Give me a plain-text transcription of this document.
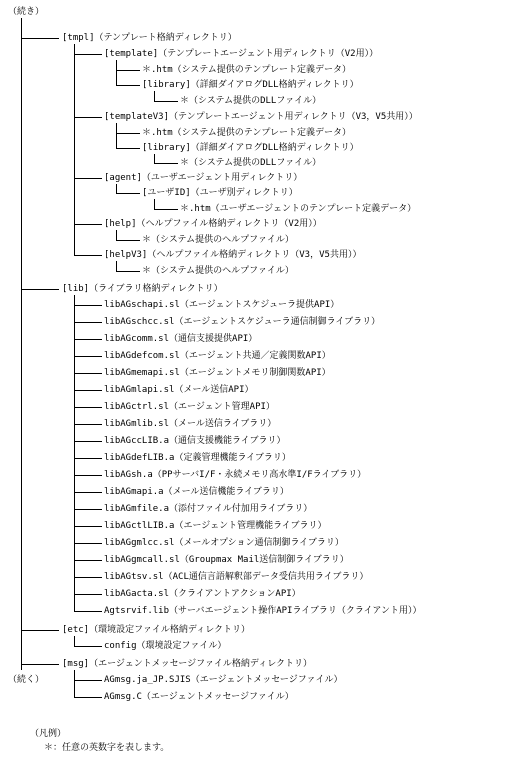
（続き）
[tmpl]（テンプレート格納ディレクトリ）
[template]（テンプレートエージェント用ディレクトリ（V2用））
＊.htm（システム提供のテンプレート定義データ）
[library]（詳細ダイアログDLL格納ディレクトリ）
＊（システム提供のDLLファイル）
[templateV3]（テンプレートエージェント用ディレクトリ（V3，V5共用））
＊.htm（システム提供のテンプレート定義データ）
[library]（詳細ダイアログDLL格納ディレクトリ）
＊（システム提供のDLLファイル）
[agent]（ユーザエージェント用ディレクトリ）
[ユーザID]（ユーザ別ディレクトリ）
＊.htm（ユーザエージェントのテンプレート定義データ）
[help]（ヘルプファイル格納ディレクトリ（V2用））
＊（システム提供のヘルプファイル）
[helpV3]（ヘルプファイル格納ディレクトリ（V3，V5共用））
＊（システム提供のヘルプファイル）
[lib]（ライブラリ格納ディレクトリ）
libAGschapi.sl（エージェントスケジューラ提供API）
libAGschcc.sl（エージェントスケジューラ通信制御ライブラリ）
libAGcomm.sl（通信支援提供API）
libAGdefcom.sl（エージェント共通／定義関数API）
libAGmemapi.sl（エージェントメモリ制御関数API）
libAGmlapi.sl（メール送信API）
libAGctrl.sl（エージェント管理API）
libAGmlib.sl（メール送信ライブラリ）
libAGccLIB.a（通信支援機能ライブラリ）
libAGdefLIB.a（定義管理機能ライブラリ）
libAGsh.a（PPサーバI/F・永続メモリ高水準I/Fライブラリ）
libAGmapi.a（メール送信機能ライブラリ）
libAGmfile.a（添付ファイル付加用ライブラリ）
libAGctlLIB.a（エージェント管理機能ライブラリ）
libAGgmlcc.sl（メールオプション通信制御ライブラリ）
libAGgmcall.sl（Groupmax Mail送信制御ライブラリ）
libAGtsv.sl（ACL通信言語解釈部データ受信共用ライブラリ）
libAGacta.sl（クライアントアクションAPI）
Agtsrvif.lib（サーバエージェント操作APIライブラリ（クライアント用））
[etc]（環境設定ファイル格納ディレクトリ）
config（環境設定ファイル）
[msg]（エージェントメッセージファイル格納ディレクトリ）
AGmsg.ja_JP.SJIS（エージェントメッセージファイル）
AGmsg.C（エージェントメッセージファイル）
（続く）
（凡例）
＊：任意の英数字を表します。
